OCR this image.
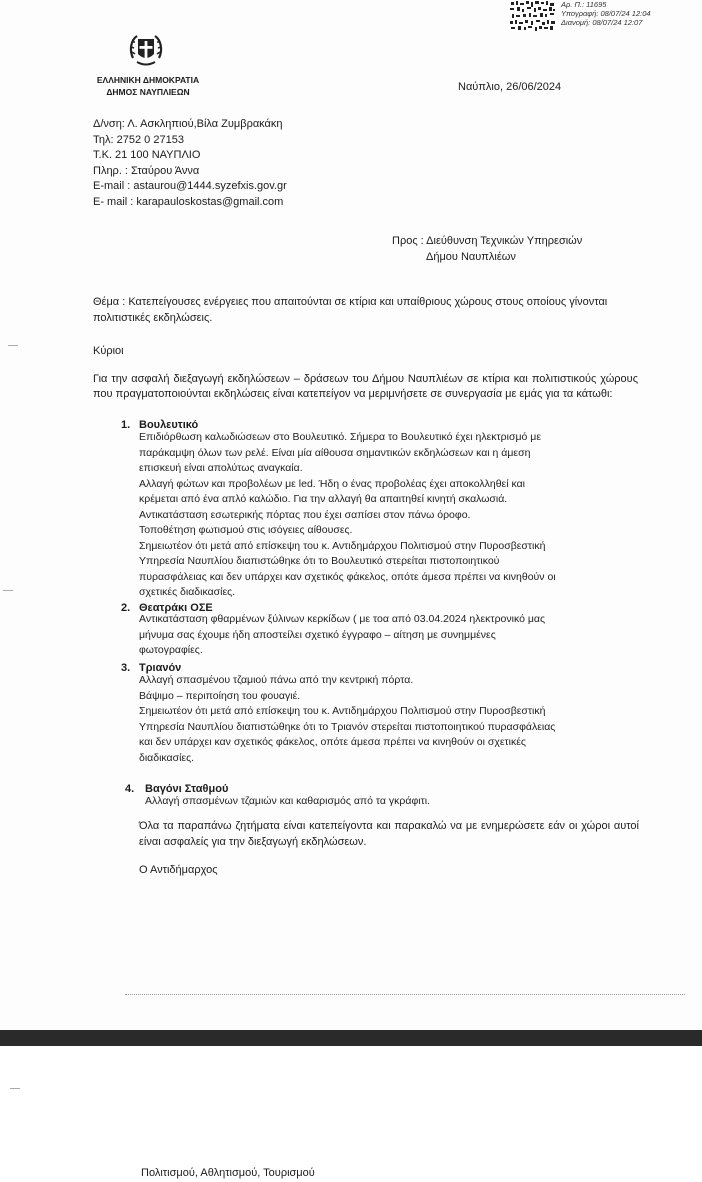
Αρ. Π.: 11695
Υπογραφή: 08/07/24 12:04
Διανομή: 08/07/24 12:07
ΕΛΛΗΝΙΚΗ ΔΗΜΟΚΡΑΤΙΑ
ΔΗΜΟΣ ΝΑΥΠΛΙΕΩΝ	Ναύπλιο, 26/06/2024
Δ/νση: Λ. Ασκληπιού,Βίλα Ζυμβρακάκη
Τηλ: 2752 0 27153
Τ.Κ. 21 100 ΝΑΥΠΛΙΟ
Πληρ. : Σταύρου Άννα
E-mail : astaurou@1444.syzefxis.gov.gr
E- mail : karapauloskostas@gmail.com
Προς : Διεύθυνση Τεχνικών Υπηρεσιών
Δήμου Ναυπλιέων
Θέμα : Κατεπείγουσες ενέργειες που απαιτούνται σε κτίρια και υπαίθριους χώρους στους οποίους γίνονται πολιτιστικές εκδηλώσεις.
Κύριοι
Για την ασφαλή διεξαγωγή εκδηλώσεων – δράσεων του Δήμου Ναυπλιέων σε κτίρια και πολιτιστικούς χώρους που πραγματοποιούνται εκδηλώσεις είναι κατεπείγον να μεριμνήσετε σε συνεργασία με εμάς για τα κάτωθι:
1. Βουλευτικό
Επιδιόρθωση καλωδιώσεων στο Βουλευτικό. Σήμερα το Βουλευτικό έχει ηλεκτρισμό με
παράκαμψη όλων των ρελέ. Είναι μία αίθουσα σημαντικών εκδηλώσεων και η άμεση
επισκευή είναι απολύτως αναγκαία.
Αλλαγή φώτων και προβολέων με led. Ήδη ο ένας προβολέας έχει αποκολληθεί και
κρέμεται από ένα απλό καλώδιο. Για την αλλαγή θα απαιτηθεί κινητή σκαλωσιά.
Αντικατάσταση εσωτερικής πόρτας που έχει σαπίσει στον πάνω όροφο.
Τοποθέτηση φωτισμού στις ισόγειες αίθουσες.
Σημειωτέον ότι μετά από επίσκεψη του κ. Αντιδημάρχου Πολιτισμού στην Πυροσβεστική
Υπηρεσία Ναυπλίου διαπιστώθηκε ότι το Βουλευτικό στερείται πιστοποιητικού
πυρασφάλειας και δεν υπάρχει καν σχετικός φάκελος, οπότε άμεσα πρέπει να κινηθούν οι
σχετικές διαδικασίες.
2. Θεατράκι ΟΣΕ
Αντικατάσταση φθαρμένων ξύλινων κερκίδων ( με τοα από 03.04.2024 ηλεκτρονικό μας
μήνυμα σας έχουμε ήδη αποστείλει σχετικό έγγραφο – αίτηση με συνημμένες
φωτογραφίες.
3. Τριανόν
Αλλαγή σπασμένου τζαμιού πάνω από την κεντρική πόρτα.
Βάψιμο – περιποίηση του φουαγιέ.
Σημειωτέον ότι μετά από επίσκεψη του κ. Αντιδημάρχου Πολιτισμού στην Πυροσβεστική
Υπηρεσία Ναυπλίου διαπιστώθηκε ότι το Τριανόν στερείται πιστοποιητικού πυρασφάλειας
και δεν υπάρχει καν σχετικός φάκελος, οπότε άμεσα πρέπει να κινηθούν οι σχετικές
διαδικασίες.
4. Βαγόνι Σταθμού
Αλλαγή σπασμένων τζαμιών και καθαρισμός από τα γκράφιτι.
Όλα τα παραπάνω ζητήματα είναι κατεπείγοντα και παρακαλώ να με ενημερώσετε εάν οι χώροι αυτοί είναι ασφαλείς για την διεξαγωγή εκδηλώσεων.
Ο Αντιδήμαρχος
Πολιτισμού, Αθλητισμού, Τουρισμού
